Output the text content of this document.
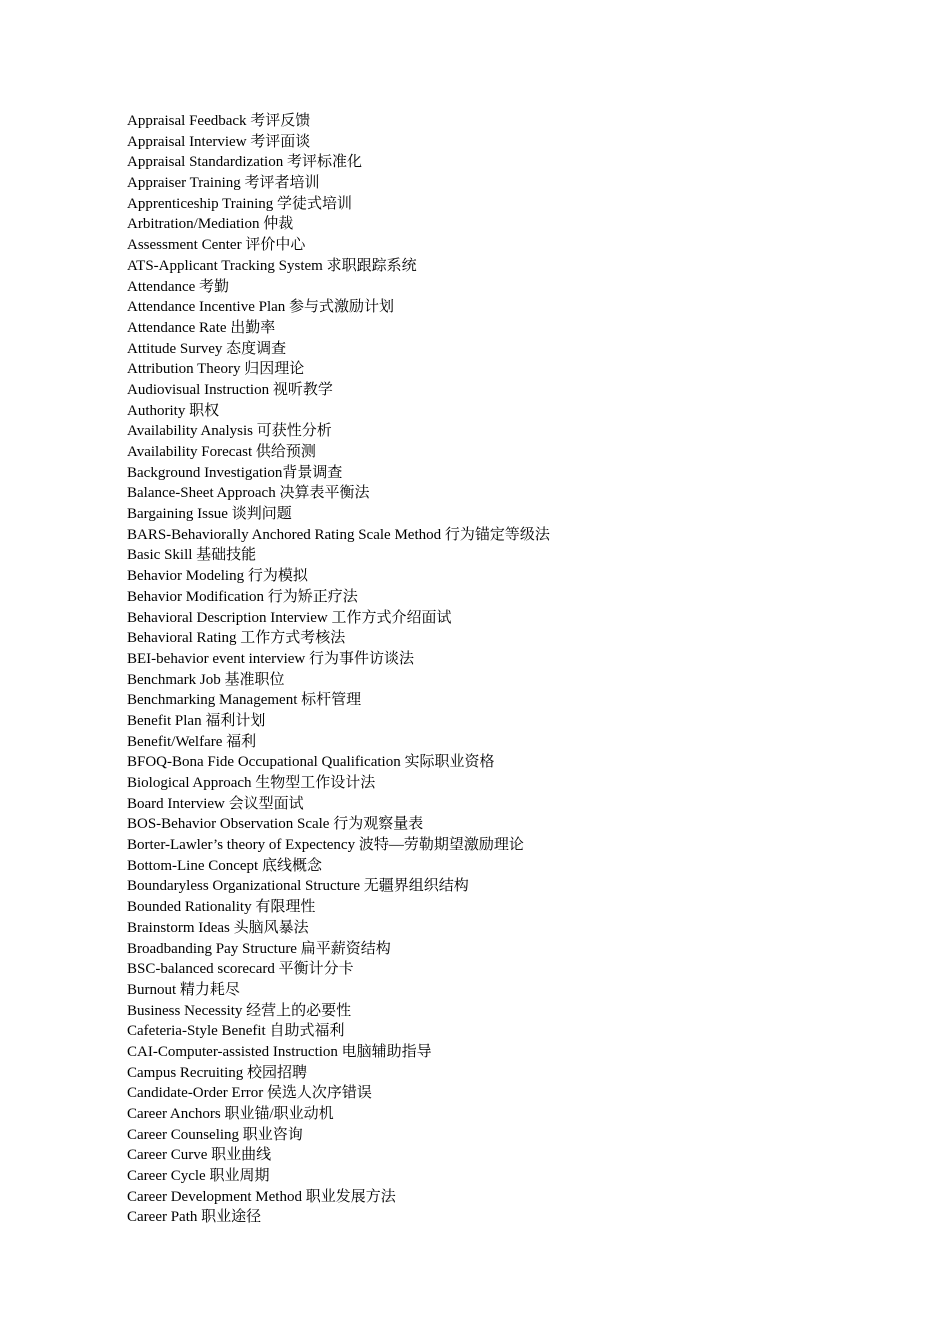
Appraisal Feedback 考评反馈
Appraisal Interview 考评面谈
Appraisal Standardization 考评标准化
Appraiser Training 考评者培训
Apprenticeship Training 学徒式培训
Arbitration/Mediation 仲裁
Assessment Center 评价中心
ATS-Applicant Tracking System 求职跟踪系统
Attendance 考勤
Attendance Incentive Plan 参与式激励计划
Attendance Rate 出勤率
Attitude Survey 态度调查
Attribution Theory 归因理论
Audiovisual Instruction 视听教学
Authority 职权
Availability Analysis 可获性分析
Availability Forecast 供给预测
Background Investigation背景调查
Balance-Sheet Approach 决算表平衡法
Bargaining Issue 谈判问题
BARS-Behaviorally Anchored Rating Scale Method 行为锚定等级法
Basic Skill 基础技能
Behavior Modeling 行为模拟
Behavior Modification 行为矫正疗法
Behavioral Description Interview 工作方式介绍面试
Behavioral Rating 工作方式考核法
BEI-behavior event interview 行为事件访谈法
Benchmark Job 基准职位
Benchmarking Management 标杆管理
Benefit Plan 福利计划
Benefit/Welfare 福利
BFOQ-Bona Fide Occupational Qualification 实际职业资格
Biological Approach 生物型工作设计法
Board Interview 会议型面试
BOS-Behavior Observation Scale 行为观察量表
Borter-Lawler’s theory of Expectency 波特—劳勒期望激励理论
Bottom-Line Concept 底线概念
Boundaryless Organizational Structure 无疆界组织结构
Bounded Rationality 有限理性
Brainstorm Ideas 头脑风暴法
Broadbanding Pay Structure 扁平薪资结构
BSC-balanced scorecard 平衡计分卡
Burnout 精力耗尽
Business Necessity 经营上的必要性
Cafeteria-Style Benefit 自助式福利
CAI-Computer-assisted Instruction 电脑辅助指导
Campus Recruiting 校园招聘
Candidate-Order Error 侯选人次序错误
Career Anchors 职业锚/职业动机
Career Counseling 职业咨询
Career Curve 职业曲线
Career Cycle 职业周期
Career Development Method 职业发展方法
Career Path 职业途径
